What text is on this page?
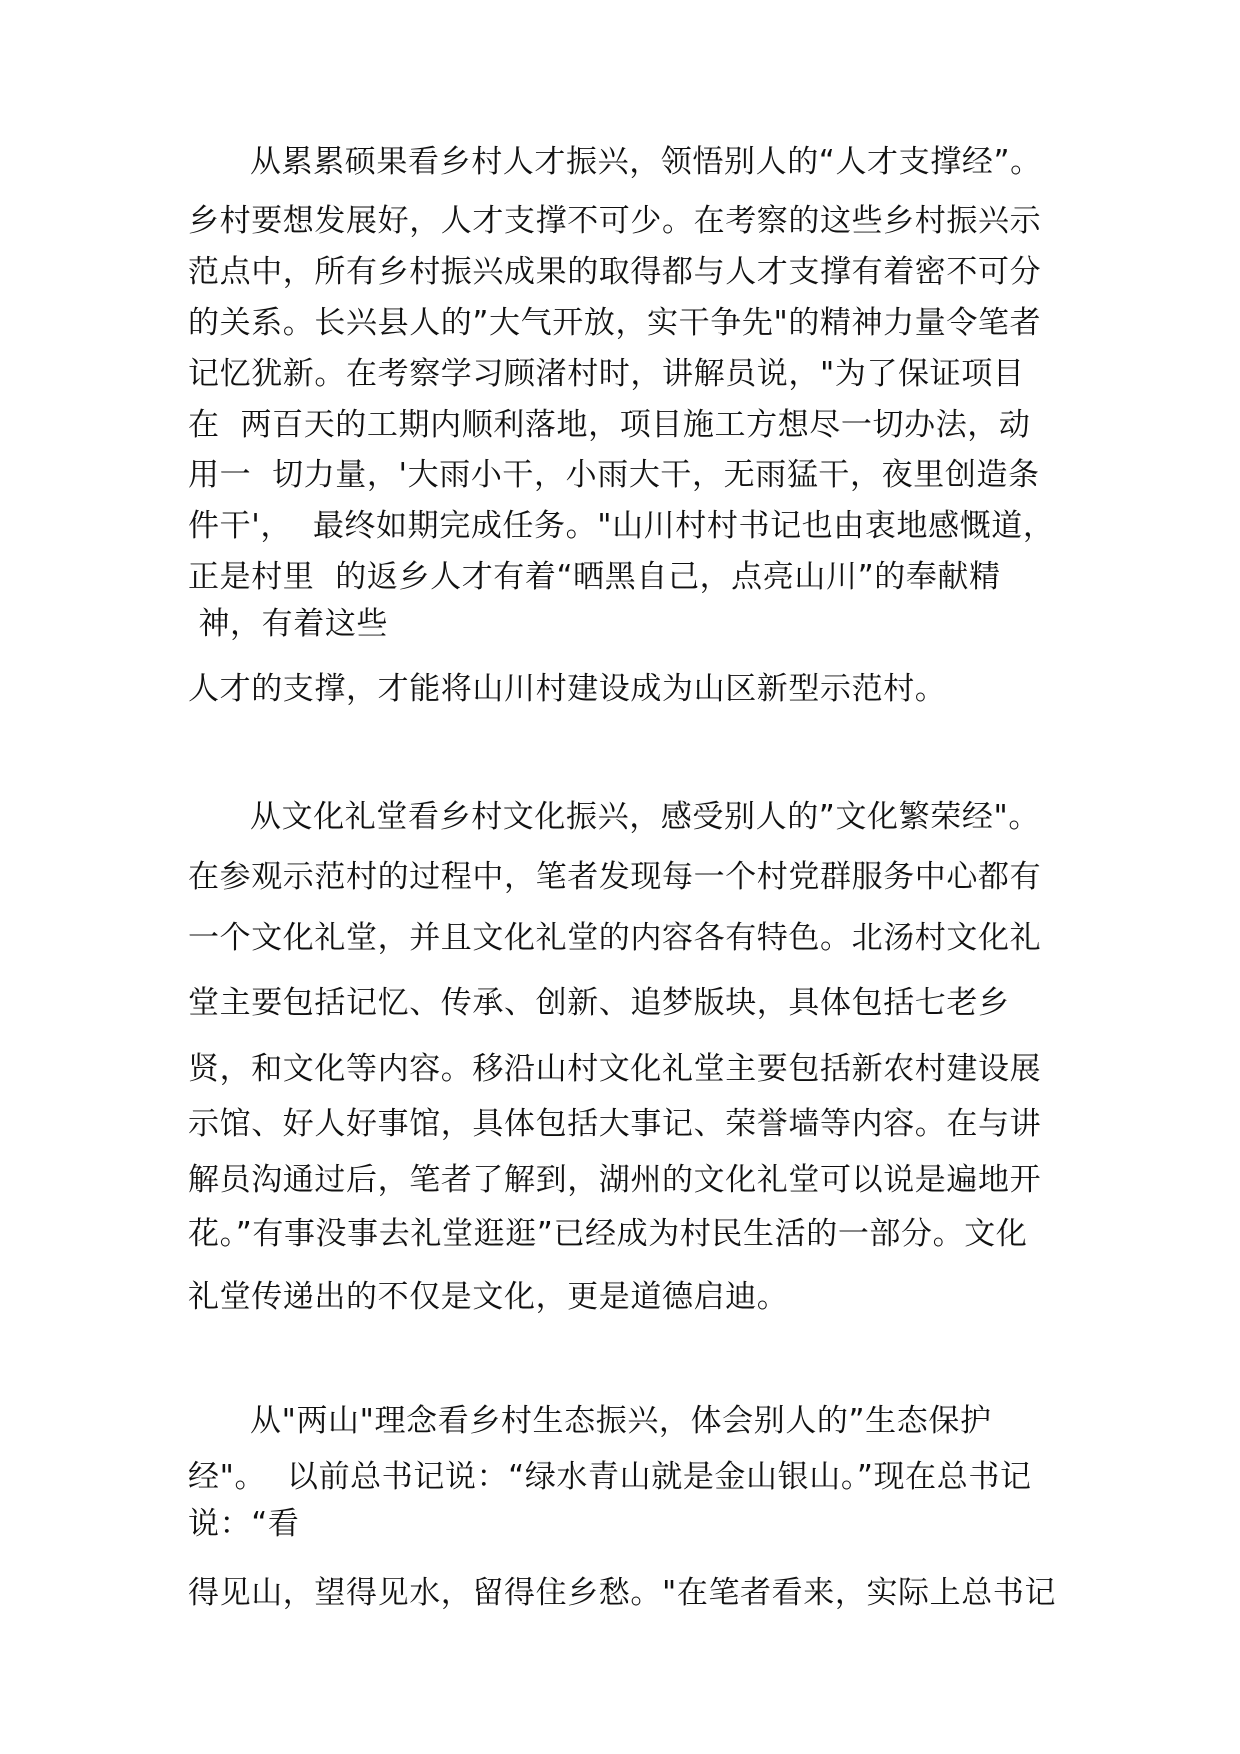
从累累硕果看乡村人才振兴，领悟别人的“人才支撑经”。

乡村要想发展好，人才支撑不可少。在考察的这些乡村振兴示

范点中，所有乡村振兴成果的取得都与人才支撑有着密不可分

的关系。长兴县人的”大气开放，实干争先"的精神力量令笔者

记忆犹新。在考察学习顾渚村时，讲解员说，"为了保证项目

在  两百天的工期内顺利落地，项目施工方想尽一切办法，动

用一  切力量，'大雨小干，小雨大干，无雨猛干，夜里创造条

件干'，  最终如期完成任务。"山川村村书记也由衷地感慨道，

正是村里  的返乡人才有着“晒黑自己，点亮山川”的奉献精

神，有着这些

人才的支撑，才能将山川村建设成为山区新型示范村。

从文化礼堂看乡村文化振兴，感受别人的”文化繁荣经"。

在参观示范村的过程中，笔者发现每一个村党群服务中心都有

一个文化礼堂，并且文化礼堂的内容各有特色。北汤村文化礼

堂主要包括记忆、传承、创新、追梦版块，具体包括七老乡

贤，和文化等内容。移沿山村文化礼堂主要包括新农村建设展

示馆、好人好事馆，具体包括大事记、荣誉墙等内容。在与讲

解员沟通过后，笔者了解到，湖州的文化礼堂可以说是遍地开

花。”有事没事去礼堂逛逛”已经成为村民生活的一部分。文化

礼堂传递出的不仅是文化，更是道德启迪。

从"两山"理念看乡村生态振兴，体会别人的”生态保护

经"。  以前总书记说：“绿水青山就是金山银山。”现在总书记

说：“看

得见山，望得见水，留得住乡愁。"在笔者看来，实际上总书记
